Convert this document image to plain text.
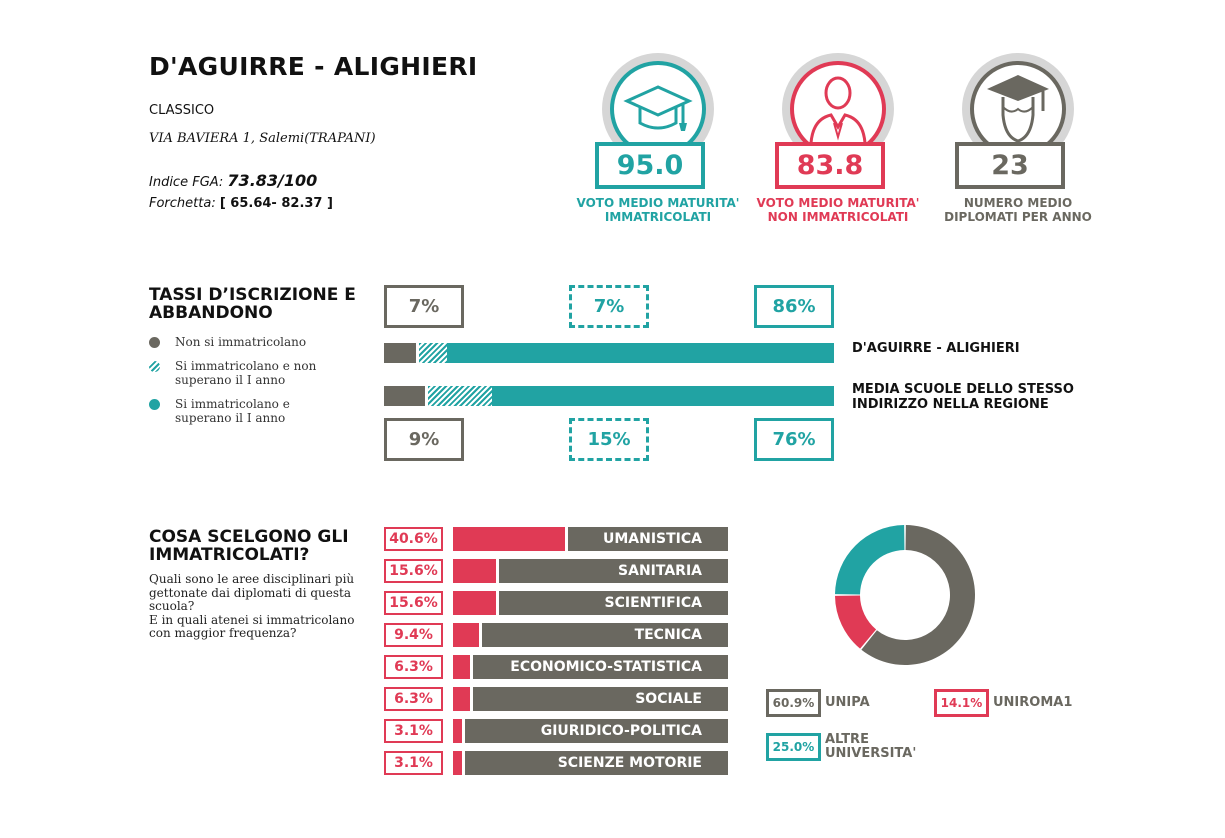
D'AGUIRRE - ALIGHIERI
CLASSICO
VIA BAVIERA 1, Salemi(TRAPANI)
Indice FGA: 73.83/100
Forchetta: [ 65.64- 82.37 ]
95.0
VOTO MEDIO MATURITA' IMMATRICOLATI
83.8
VOTO MEDIO MATURITA' NON IMMATRICOLATI
23
NUMERO MEDIO DIPLOMATI PER ANNO
TASSI D’ISCRIZIONE E ABBANDONO
Non si immatricolano
Si immatricolano e non superano il I anno
Si immatricolano e superano il I anno
7%	7%	86%
D'AGUIRRE - ALIGHIERI
MEDIA SCUOLE DELLO STESSO INDIRIZZO NELLA REGIONE
9%	15%	76%
COSA SCELGONO GLI IMMATRICOLATI?
Quali sono le aree disciplinari più gettonate dai diplomati di questa scuola?
E in quali atenei si immatricolano con maggior frequenza?
40.6%	UMANISTICA
15.6%	SANITARIA
15.6%	SCIENTIFICA
9.4%	TECNICA
6.3%	ECONOMICO-STATISTICA
6.3%	SOCIALE
3.1%	GIURIDICO-POLITICA
3.1%	SCIENZE MOTORIE
60.9% UNIPA	14.1% UNIROMA1
25.0% ALTRE UNIVERSITA'
